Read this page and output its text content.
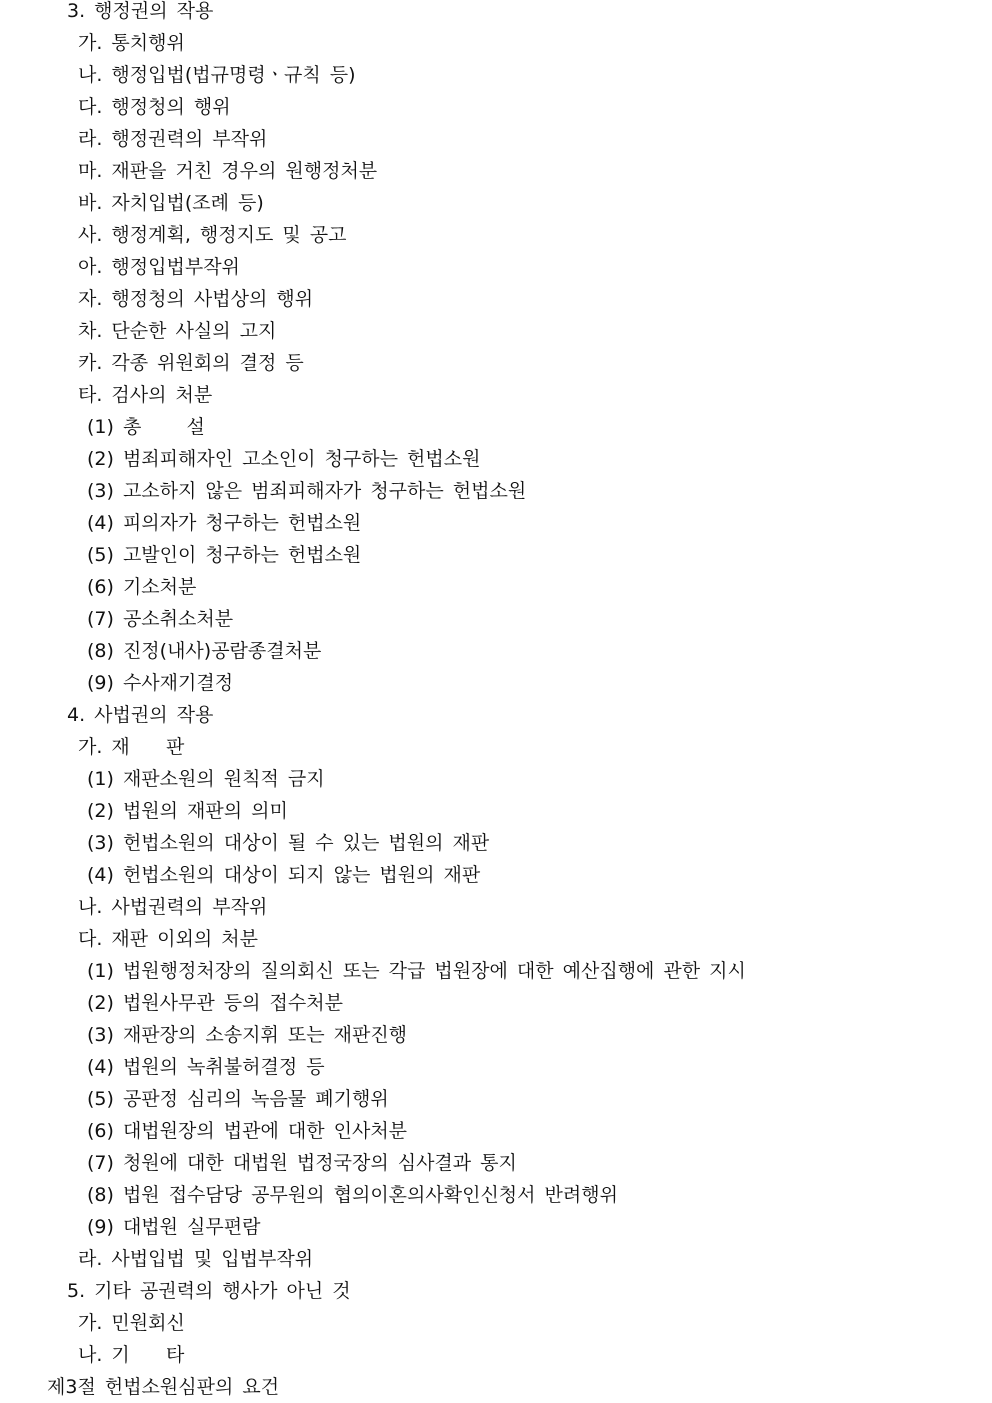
3. 행정권의 작용
가. 통치행위
나. 행정입법(법규명령ㆍ규칙 등)
다. 행정청의 행위
라. 행정권력의 부작위
마. 재판을 거친 경우의 원행정처분
바. 자치입법(조례 등)
사. 행정계획, 행정지도 및 공고
아. 행정입법부작위
자. 행정청의 사법상의 행위
차. 단순한 사실의 고지
카. 각종 위원회의 결정 등
타. 검사의 처분
(1) 총     설
(2) 범죄피해자인 고소인이 청구하는 헌법소원
(3) 고소하지 않은 범죄피해자가 청구하는 헌법소원
(4) 피의자가 청구하는 헌법소원
(5) 고발인이 청구하는 헌법소원
(6) 기소처분
(7) 공소취소처분
(8) 진정(내사)공람종결처분
(9) 수사재기결정
4. 사법권의 작용
가. 재    판
(1) 재판소원의 원칙적 금지
(2) 법원의 재판의 의미
(3) 헌법소원의 대상이 될 수 있는 법원의 재판
(4) 헌법소원의 대상이 되지 않는 법원의 재판
나. 사법권력의 부작위
다. 재판 이외의 처분
(1) 법원행정처장의 질의회신 또는 각급 법원장에 대한 예산집행에 관한 지시
(2) 법원사무관 등의 접수처분
(3) 재판장의 소송지휘 또는 재판진행
(4) 법원의 녹취불허결정 등
(5) 공판정 심리의 녹음물 폐기행위
(6) 대법원장의 법관에 대한 인사처분
(7) 청원에 대한 대법원 법정국장의 심사결과 통지
(8) 법원 접수담당 공무원의 협의이혼의사확인신청서 반려행위
(9) 대법원 실무편람
라. 사법입법 및 입법부작위
5. 기타 공권력의 행사가 아닌 것
가. 민원회신
나. 기    타
제3절 헌법소원심판의 요건
